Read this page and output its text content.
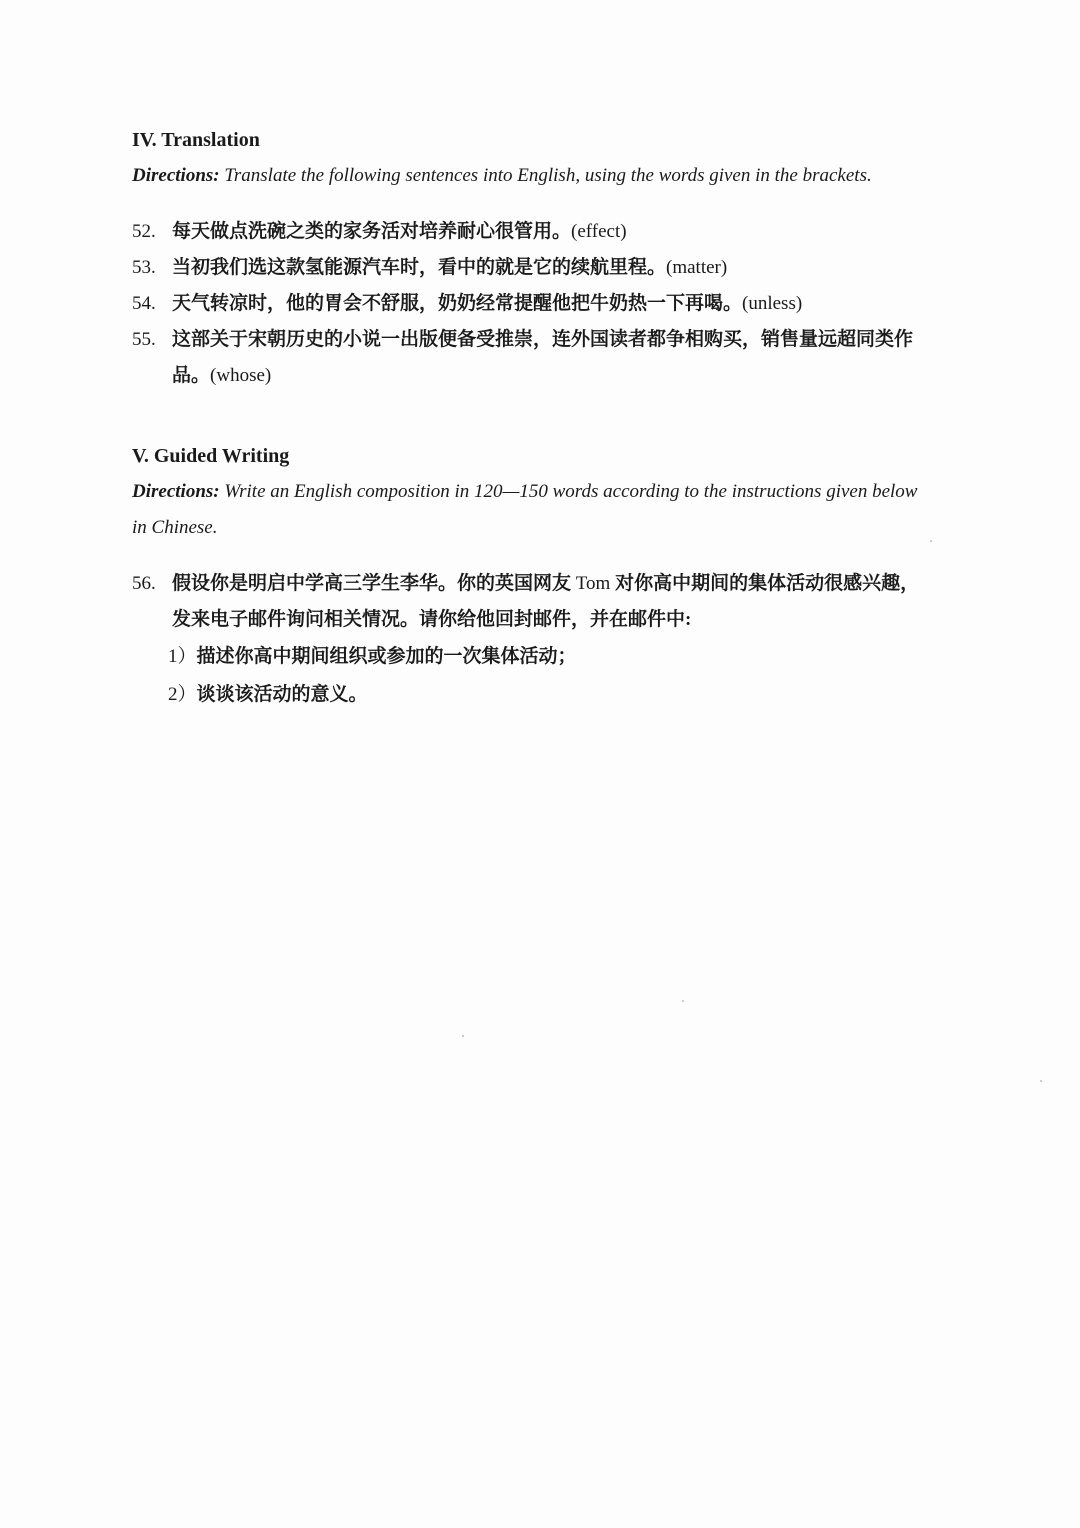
IV. Translation

Directions: Translate the following sentences into English, using the words given in the brackets.

52. 每天做点洗碗之类的家务活对培养耐心很管用。(effect)
53. 当初我们选这款氢能源汽车时，看中的就是它的续航里程。(matter)
54. 天气转凉时，他的胃会不舒服，奶奶经常提醒他把牛奶热一下再喝。(unless)
55. 这部关于宋朝历史的小说一出版便备受推崇，连外国读者都争相购买，销售量远超同类作品。(whose)

V. Guided Writing

Directions: Write an English composition in 120—150 words according to the instructions given below in Chinese.

56. 假设你是明启中学高三学生李华。你的英国网友 Tom 对你高中期间的集体活动很感兴趣，发来电子邮件询问相关情况。请你给他回封邮件，并在邮件中:
1）描述你高中期间组织或参加的一次集体活动；
2）谈谈该活动的意义。
